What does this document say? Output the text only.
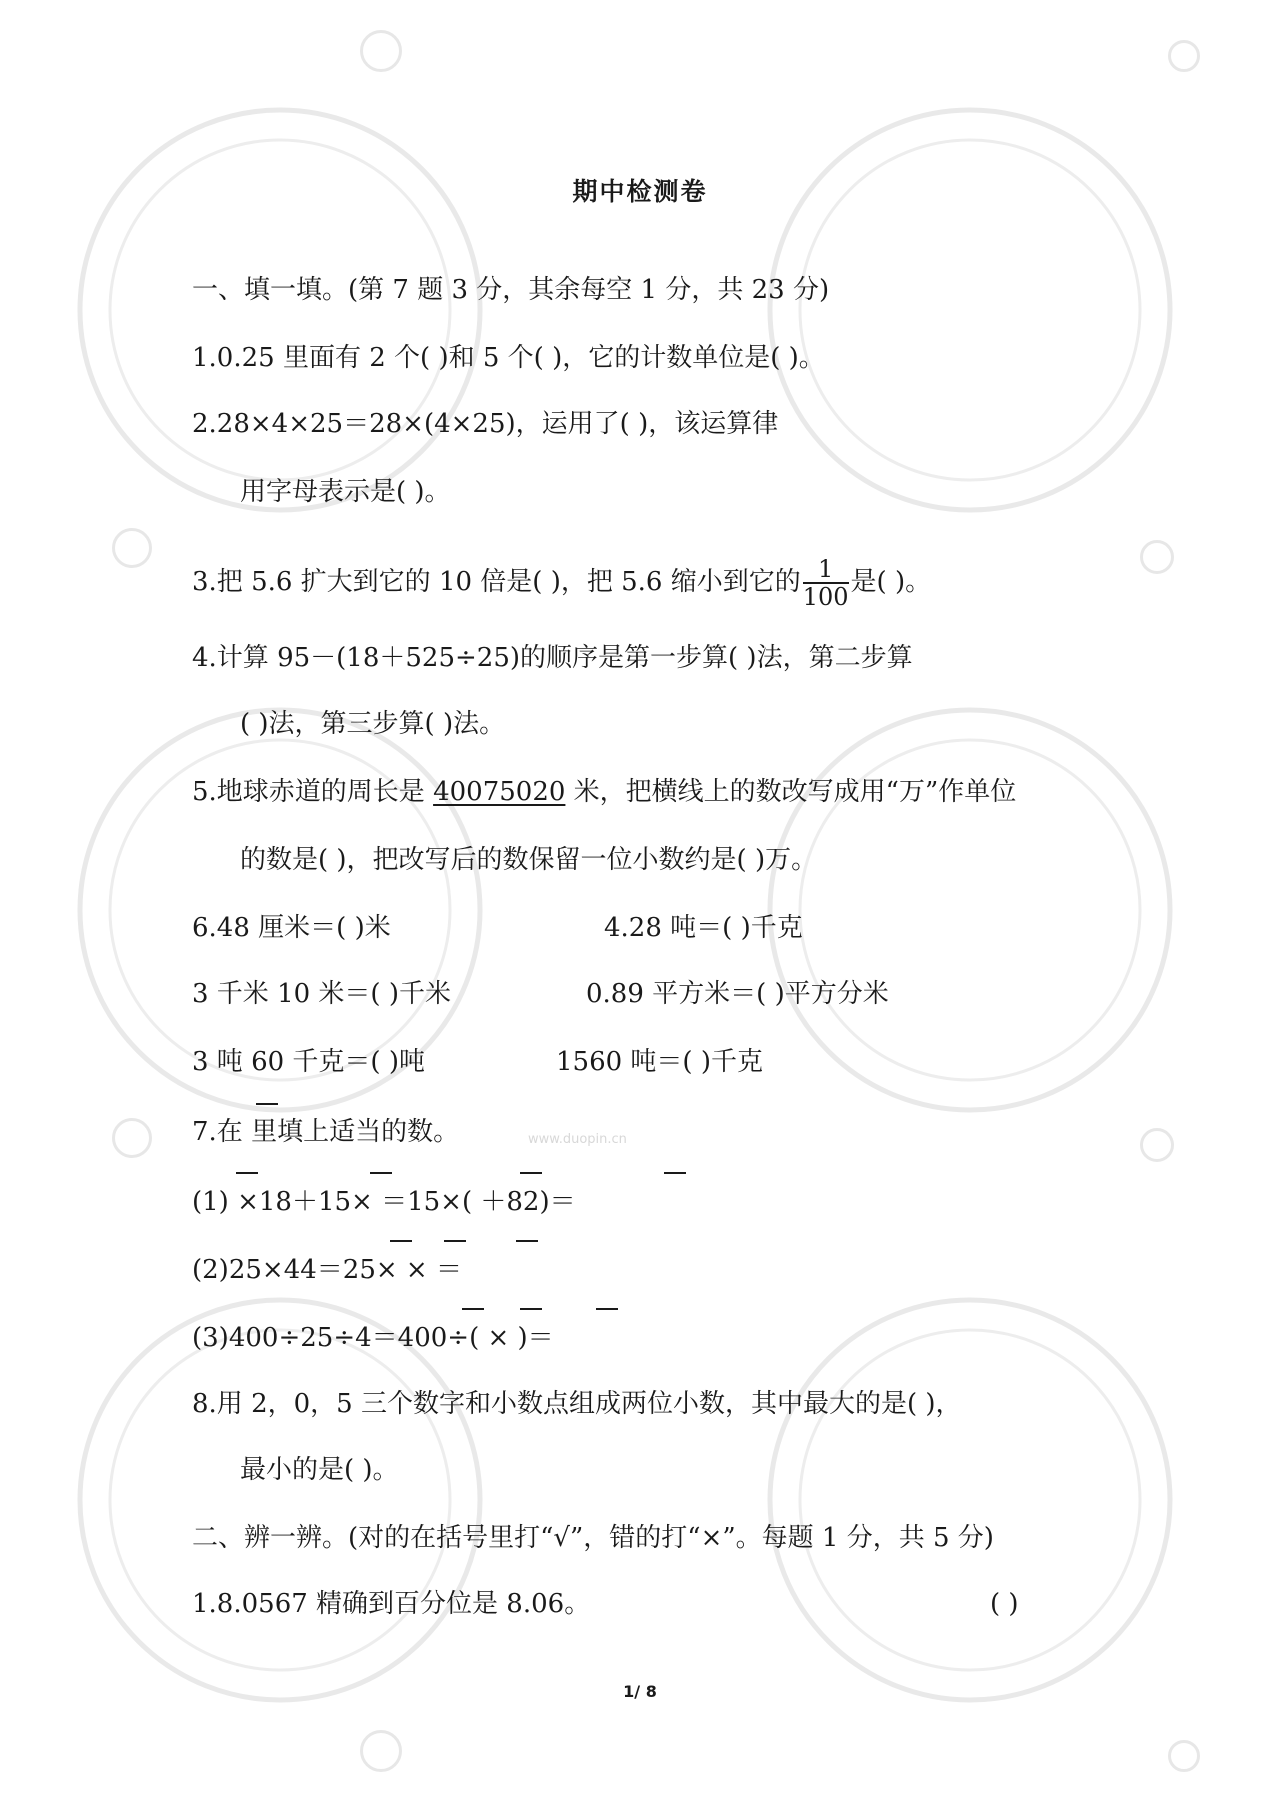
www.duopin.cn
期中检测卷
一、填一填。(第 7 题 3 分，其余每空 1 分，共 23 分)
1.0.25 里面有 2 个( )和 5 个( )，它的计数单位是( )。
2.28×4×25＝28×(4×25)，运用了( )，该运算律
用字母表示是( )。
3.把 5.6 扩大到它的 10 倍是( )，把 5.6 缩小到它的 $\frac{1}{100}$ 是( )。
4.计算 95－(18＋525÷25)的顺序是第一步算( )法，第二步算
( )法，第三步算( )法。
5.地球赤道的周长是 40075020 米，把横线上的数改写成用“万”作单位
的数是( )，把改写后的数保留一位小数约是( )万。
6.48 厘米＝( )米	4.28 吨＝( )千克
3 千米 10 米＝( )千米	0.89 平方米＝( )平方分米
3 吨 60 千克＝( )吨	1560 吨＝( )千克
7.在 里填上适当的数。
(1) ×18＋15× ＝15×( ＋82)＝
(2)25×44＝25× × ＝
(3)400÷25÷4＝400÷( × )＝
8.用 2，0，5 三个数字和小数点组成两位小数，其中最大的是( )，
最小的是( )。
二、辨一辨。(对的在括号里打“√”，错的打“×”。每题 1 分，共 5 分)
1.8.0567 精确到百分位是 8.06。	( )
1/ 8
